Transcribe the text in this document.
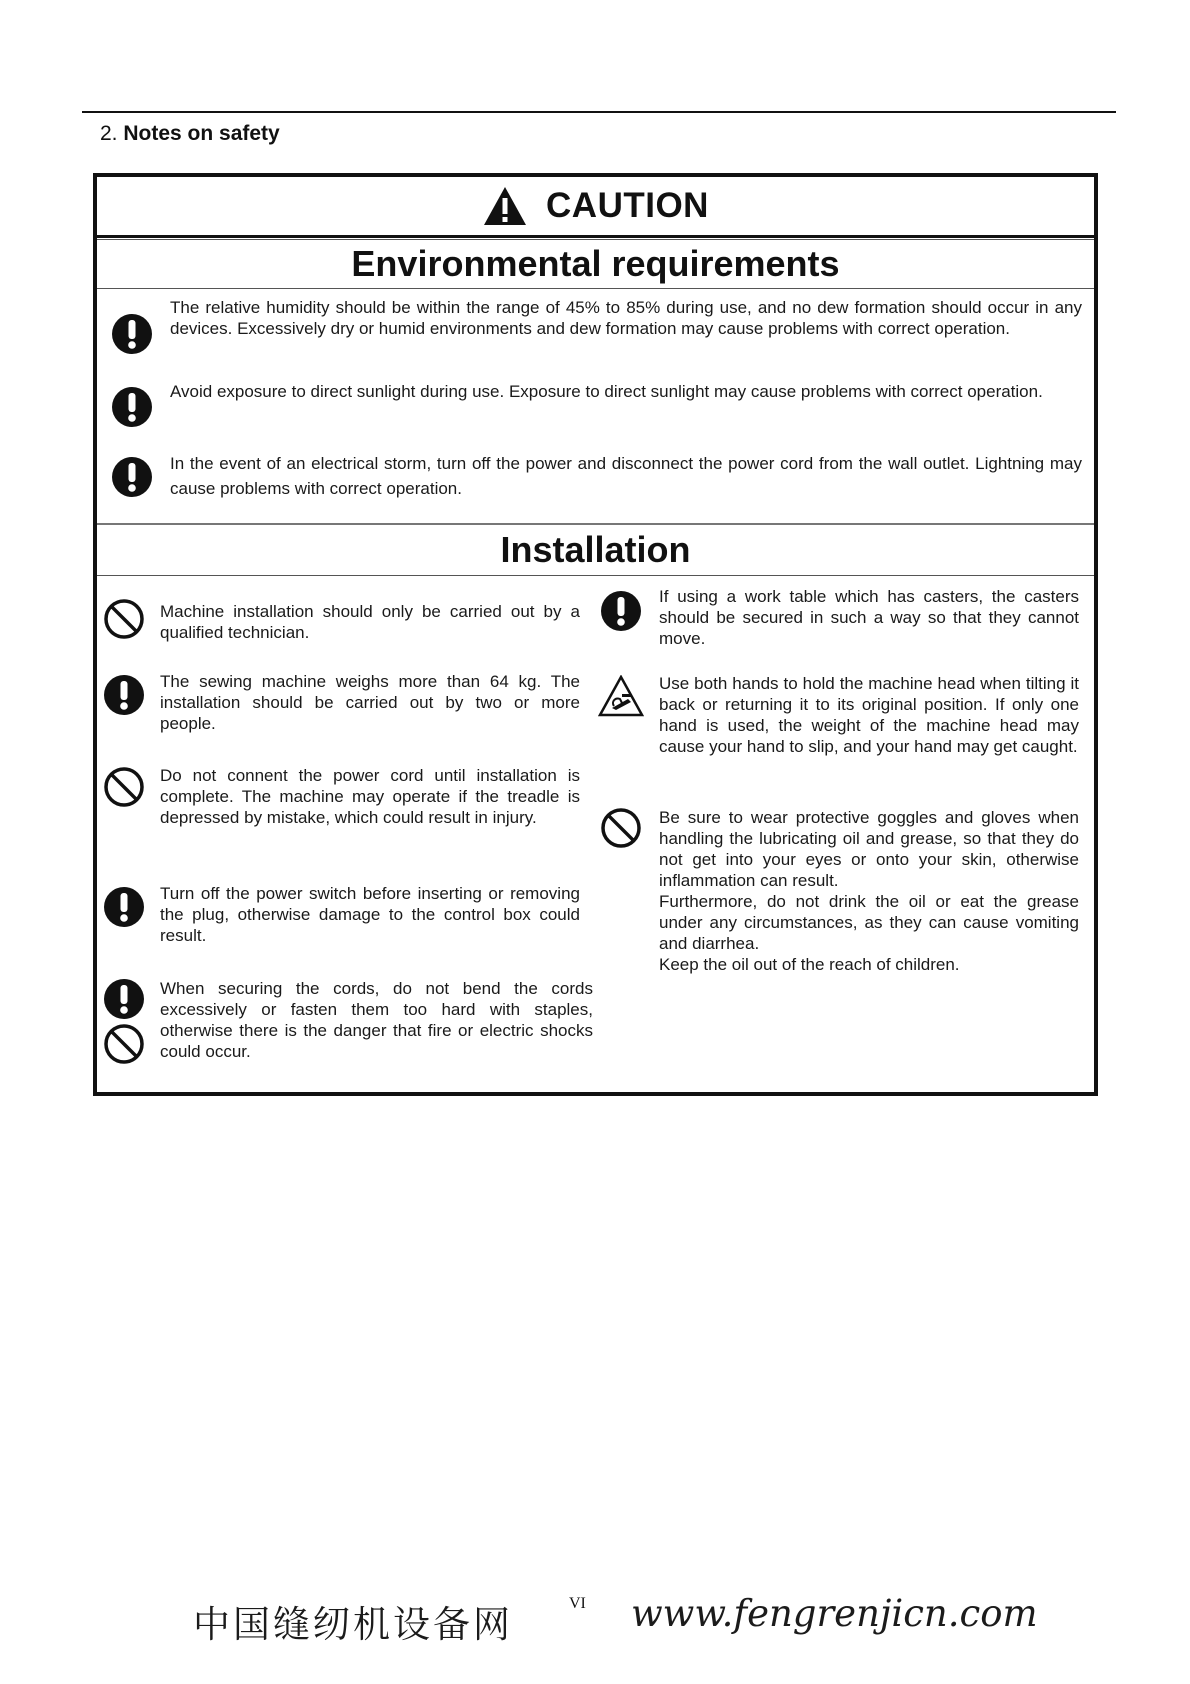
2. Notes on safety
CAUTION
Environmental requirements
The relative humidity should be within the range of 45% to 85% during use, and no dew formation should occur in any devices. Excessively dry or humid environments and dew formation may cause problems with correct operation.
Avoid exposure to direct sunlight during use. Exposure to direct sunlight may cause problems with correct operation.
In the event of an electrical storm, turn off the power and disconnect the power cord from the wall outlet. Lightning may cause problems with correct operation.
Installation
Machine installation should only be carried out by a qualified technician.
The sewing machine weighs more than 64 kg. The installation should be carried out by two or more people.
Do not connent the power cord until installation is complete. The machine may operate if the treadle is depressed by mistake, which could result in injury.
Turn off the power switch before inserting or removing the plug, otherwise damage to the control box could result.
When securing the cords, do not bend the cords excessively or fasten them too hard with staples, otherwise there is the danger that fire or electric shocks could occur.
If using a work table which has casters, the casters should be secured in such a way so that they cannot move.
Use both hands to hold the machine head when tilting it back or returning it to its original position. If only one hand is used, the weight of the machine head may cause your hand to slip, and your hand may get caught.
Be sure to wear protective goggles and gloves when handling the lubricating oil and grease, so that they do not get into your eyes or onto your skin, otherwise inflammation can result.
Furthermore, do not drink the oil or eat the grease under any circumstances, as they can cause vomiting and diarrhea.
Keep the oil out of the reach of children.
中国缝纫机设备网	VI www.fengrenjicn.com
